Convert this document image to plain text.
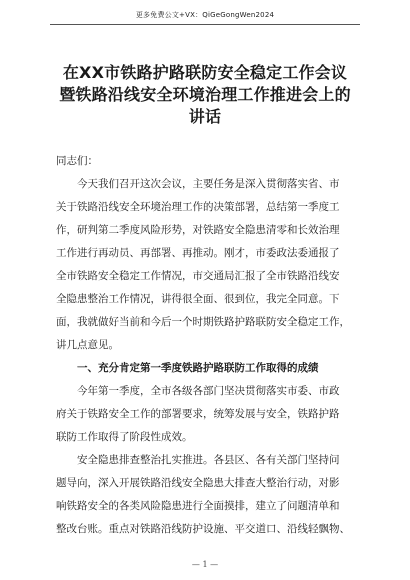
更多免费公文+VX：QiGeGongWen2024
在XX市铁路护路联防安全稳定工作会议
暨铁路沿线安全环境治理工作推进会上的
讲话
同志们：
今天我们召开这次会议，主要任务是深入贯彻落实省、市
关于铁路沿线安全环境治理工作的决策部署，总结第一季度工
作，研判第二季度风险形势，对铁路安全隐患清零和长效治理
工作进行再动员、再部署、再推动。刚才，市委政法委通报了
全市铁路安全稳定工作情况，市交通局汇报了全市铁路沿线安
全隐患整治工作情况，讲得很全面、很到位，我完全同意。下
面，我就做好当前和今后一个时期铁路护路联防安全稳定工作，
讲几点意见。
一、充分肯定第一季度铁路护路联防工作取得的成绩
今年第一季度，全市各级各部门坚决贯彻落实市委、市政
府关于铁路安全工作的部署要求，统筹发展与安全，铁路护路
联防工作取得了阶段性成效。
安全隐患排查整治扎实推进。各县区、各有关部门坚持问
题导向，深入开展铁路沿线安全隐患大排查大整治行动，对影
响铁路安全的各类风险隐患进行全面摸排，建立了问题清单和
整改台账。重点对铁路沿线防护设施、平交道口、沿线轻飘物、
— 1 —
